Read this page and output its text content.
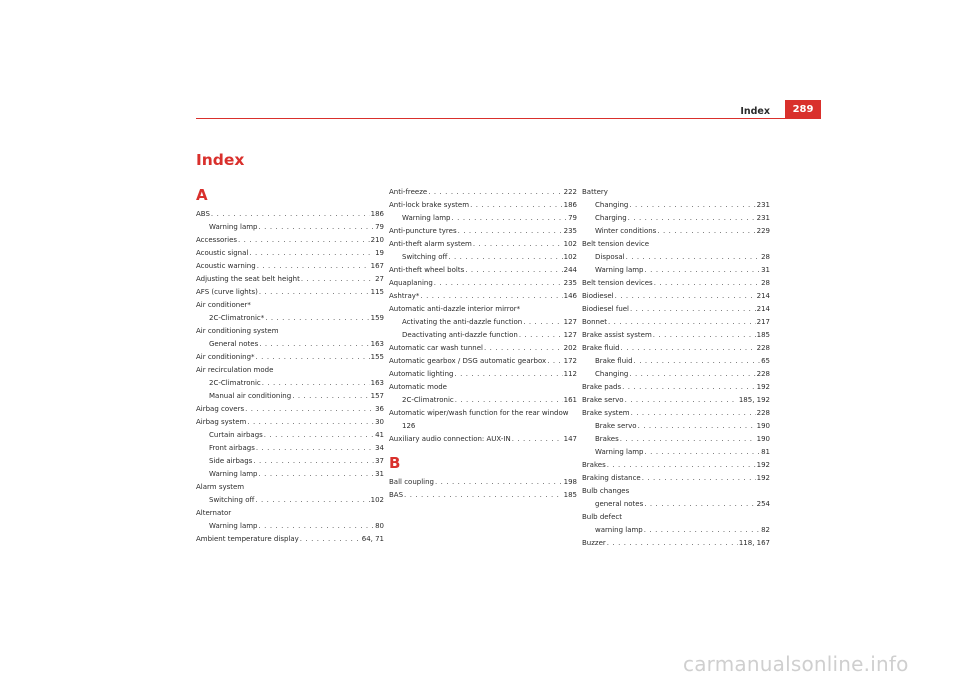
Index	289
Index
A
ABS . . .	186
Warning lamp . . .	79
Accessories . . .	210
Acoustic signal . . .	19
Acoustic warning . . .	167
Adjusting the seat belt height . . .	27
AFS (curve lights) . . .	115
Air conditioner*
2C-Climatronic* . . .	159
Air conditioning system
General notes . . .	163
Air conditioning* . . .	155
Air recirculation mode
2C-Climatronic . . .	163
Manual air conditioning . . .	157
Airbag covers . . .	36
Airbag system . . .	30
Curtain airbags . . .	41
Front airbags . . .	34
Side airbags . . .	37
Warning lamp . . .	31
Alarm system
Switching off . . .	102
Alternator
Warning lamp . . .	80
Ambient temperature display . . .	64, 71
Anti-freeze . . .	222
Anti-lock brake system . . .	186
Warning lamp . . .	79
Anti-puncture tyres . . .	235
Anti-theft alarm system . . .	102
Switching off . . .	102
Anti-theft wheel bolts . . .	244
Aquaplaning . . .	235
Ashtray* . . .	146
Automatic anti-dazzle interior mirror*
Activating the anti-dazzle function . . .	127
Deactivating anti-dazzle function . . .	127
Automatic car wash tunnel . . .	202
Automatic gearbox / DSG automatic gearbox . . . 172
Automatic lighting . . .	112
Automatic mode
2C-Climatronic . . .	161
Automatic wiper/wash function for the rear window
126
Auxiliary audio connection: AUX-IN . . .	147
B
Ball coupling . . .	198
BAS . . .	185
Battery
Changing . . .	231
Charging . . .	231
Winter conditions . . .	229
Belt tension device
Disposal . . .	28
Warning lamp . . .	31
Belt tension devices . . .	28
Biodiesel . . .	214
Biodiesel fuel . . .	214
Bonnet . . .	217
Brake assist system . . .	185
Brake fluid . . .	228
Brake fluid . . .	65
Changing . . .	228
Brake pads . . .	192
Brake servo . . .	185, 192
Brake system . . .	228
Brake servo . . .	190
Brakes . . .	190
Warning lamp . . .	81
Brakes . . .	192
Braking distance . . .	192
Bulb changes
general notes . . .	254
Bulb defect
warning lamp . . .	82
Buzzer . . .	118, 167
carmanualsonline.info
